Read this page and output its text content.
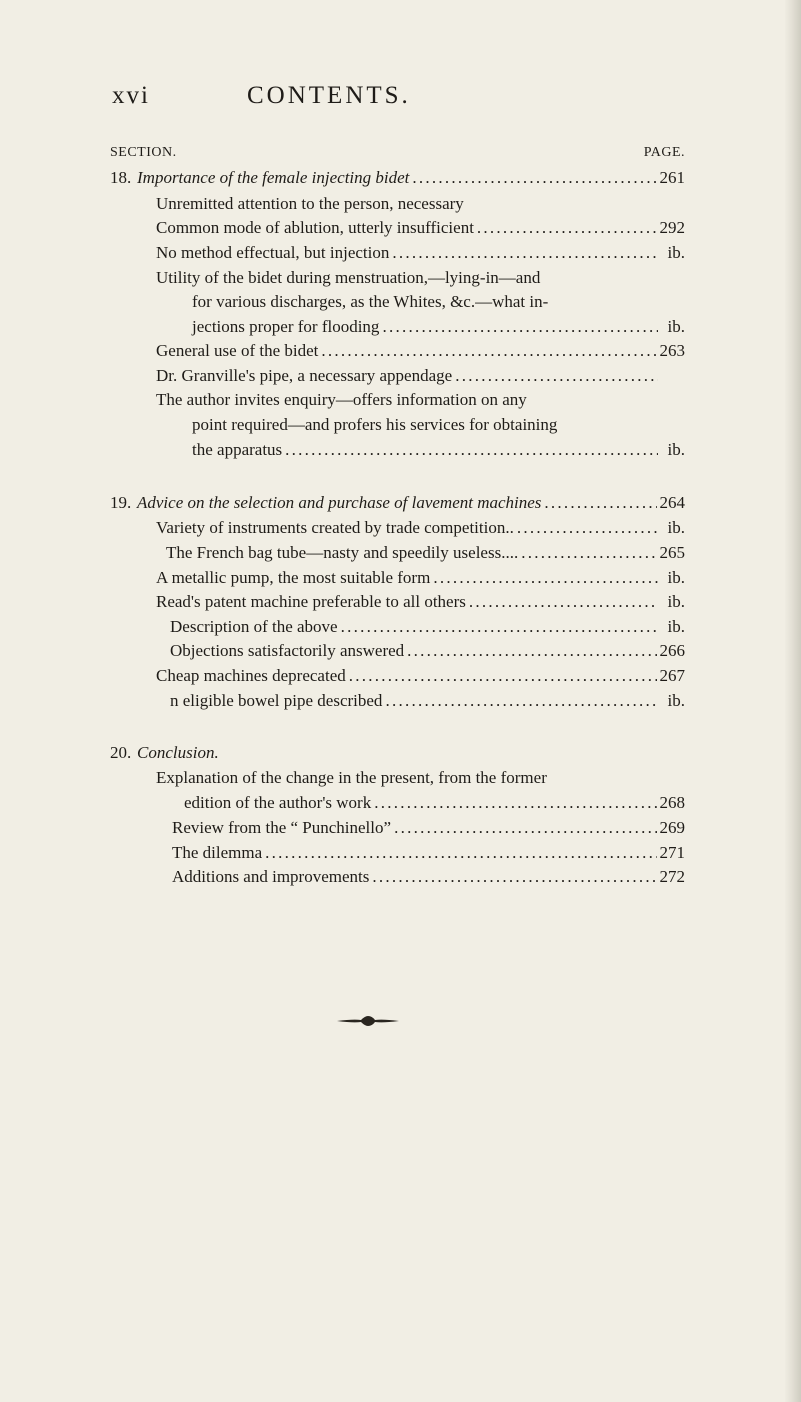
xvi	CONTENTS.
SECTION.	PAGE.
18. Importance of the female injecting bidet . . .	261
Unremitted attention to the person, necessary
Common mode of ablution, utterly insufficient . . .	292
No method effectual, but injection . . .	ib.
Utility of the bidet during menstruation,—lying-in—and
for various discharges, as the Whites, &c.—what in-
jections proper for flooding . . .	ib.
General use of the bidet . . .	263
Dr. Granville's pipe, a necessary appendage
. . .
The author invites enquiry—offers information on any
point required—and profers his services for obtaining
the apparatus . . .	ib.
19. Advice on the selection and purchase of lavement machines . . .	264
Variety of instruments created by trade competition.. . . .	ib.
The French bag tube—nasty and speedily useless.... . . .	265
A metallic pump, the most suitable form . . .	ib.
Read's patent machine preferable to all others . . .	ib.
Description of the above . . .	ib.
Objections satisfactorily answered . . .	266
Cheap machines deprecated . . .	267
n eligible bowel pipe described . . .	ib.
20. Conclusion.
Explanation of the change in the present, from the former
edition of the author's work . . .	268
Review from the “ Punchinello” . . .	269
The dilemma . . .	271
Additions and improvements . . .	272
